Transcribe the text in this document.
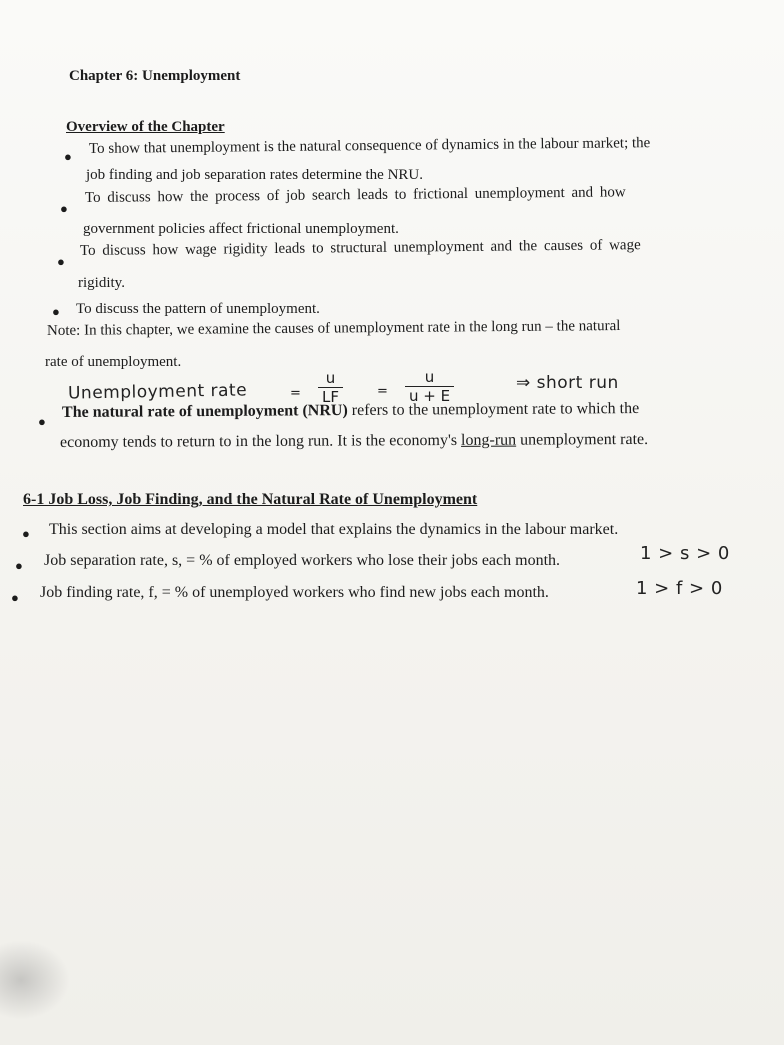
Chapter 6: Unemployment
Overview of the Chapter
● To show that unemployment is the natural consequence of dynamics in the labour market; the
job finding and job separation rates determine the NRU.
●
To discuss how the process of job search leads to frictional unemployment and how
government policies affect frictional unemployment.
●
To discuss how wage rigidity leads to structural unemployment and the causes of wage
rigidity.
● To discuss the pattern of unemployment.
Note: In this chapter, we examine the causes of unemployment rate in the long run – the natural
rate of unemployment.
Unemployment rate	= $\frac{u}{LF}$	= $\frac{u}{u + E}$	⇒ short run
●
The natural rate of unemployment (NRU) refers to the unemployment rate to which the
economy tends to return to in the long run. It is the economy's long-run unemployment rate.
6-1 Job Loss, Job Finding, and the Natural Rate of Unemployment
● This section aims at developing a model that explains the dynamics in the labour market.
● Job separation rate, s, = % of employed workers who lose their jobs each month.	1 > s > 0
● Job finding rate, f, = % of unemployed workers who find new jobs each month.	1 > f > 0
